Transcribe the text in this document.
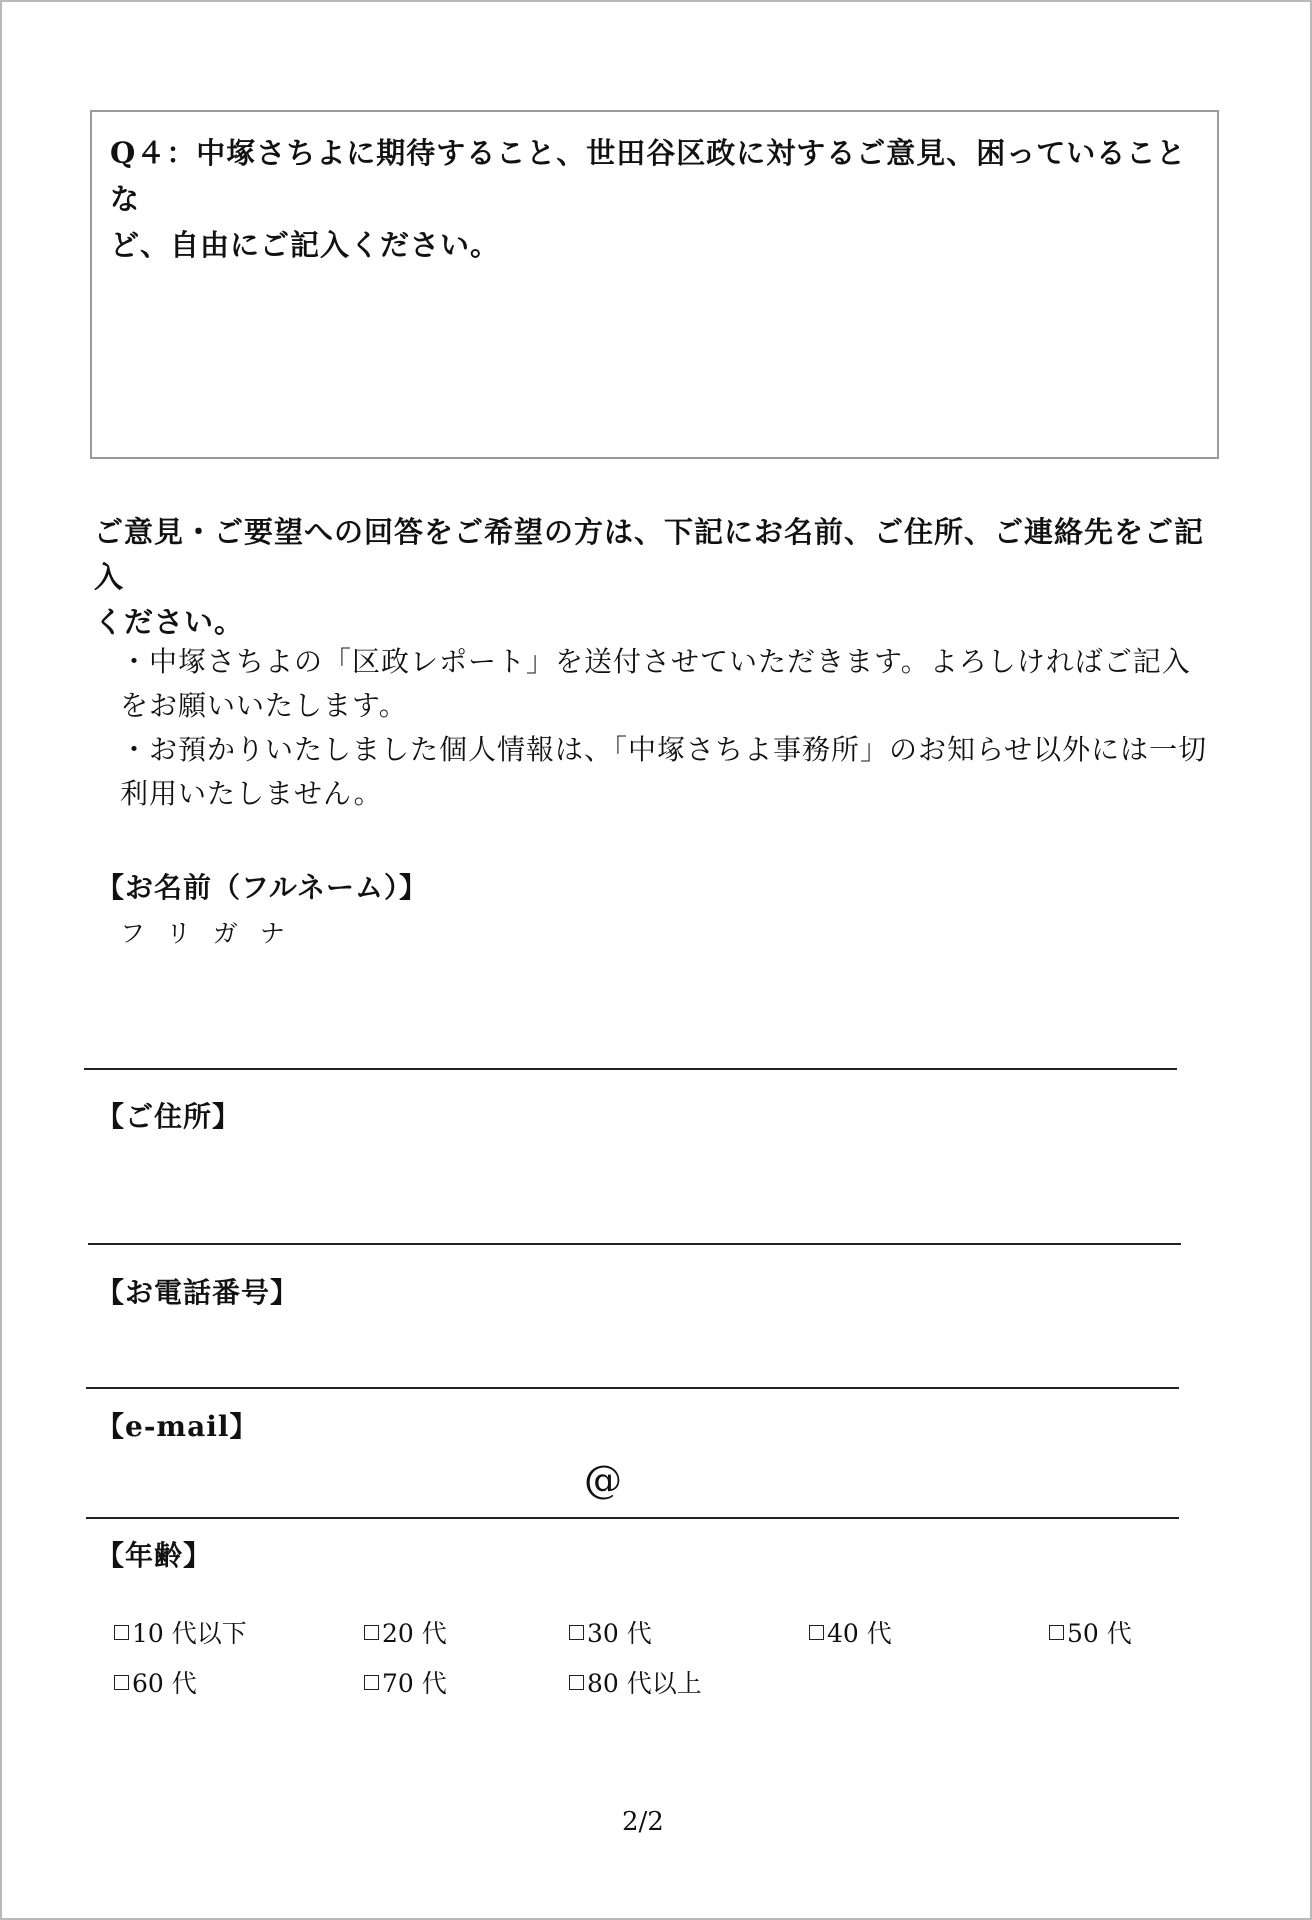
Q４：中塚さちよに期待すること、世田谷区政に対するご意見、困っていることな
ど、自由にご記入ください。
ご意見・ご要望への回答をご希望の方は、下記にお名前、ご住所、ご連絡先をご記入
ください。
・中塚さちよの「区政レポート」を送付させていただきます。よろしければご記入
をお願いいたします。
・お預かりいたしました個人情報は、「中塚さちよ事務所」のお知らせ以外には一切
利用いたしません。
【お名前（フルネーム）】
フリガナ
【ご住所】
【お電話番号】
【e-mail】
@
【年齢】
10 代以下	20 代	30 代	40 代	50 代
60 代	70 代	80 代以上
2/2
